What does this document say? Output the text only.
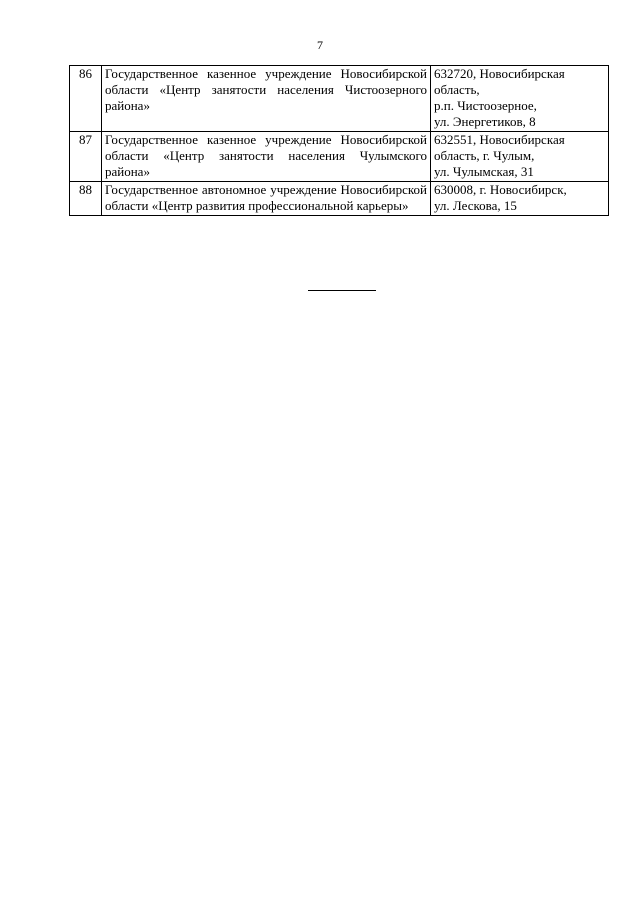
7
86	Государственное казенное учреждение Новосибирской области «Центр занятости населения Чистоозерного района»	632720, Новосибирская
область,
р.п. Чистоозерное,
ул. Энергетиков, 8

87	Государственное казенное учреждение Новосибирской области «Центр занятости населения Чулымского района»	632551, Новосибирская
область, г. Чулым,
ул. Чулымская, 31

88	Государственное автономное учреждение Новосибирской области «Центр развития профессиональной карьеры»	630008, г. Новосибирск,
ул. Лескова, 15
